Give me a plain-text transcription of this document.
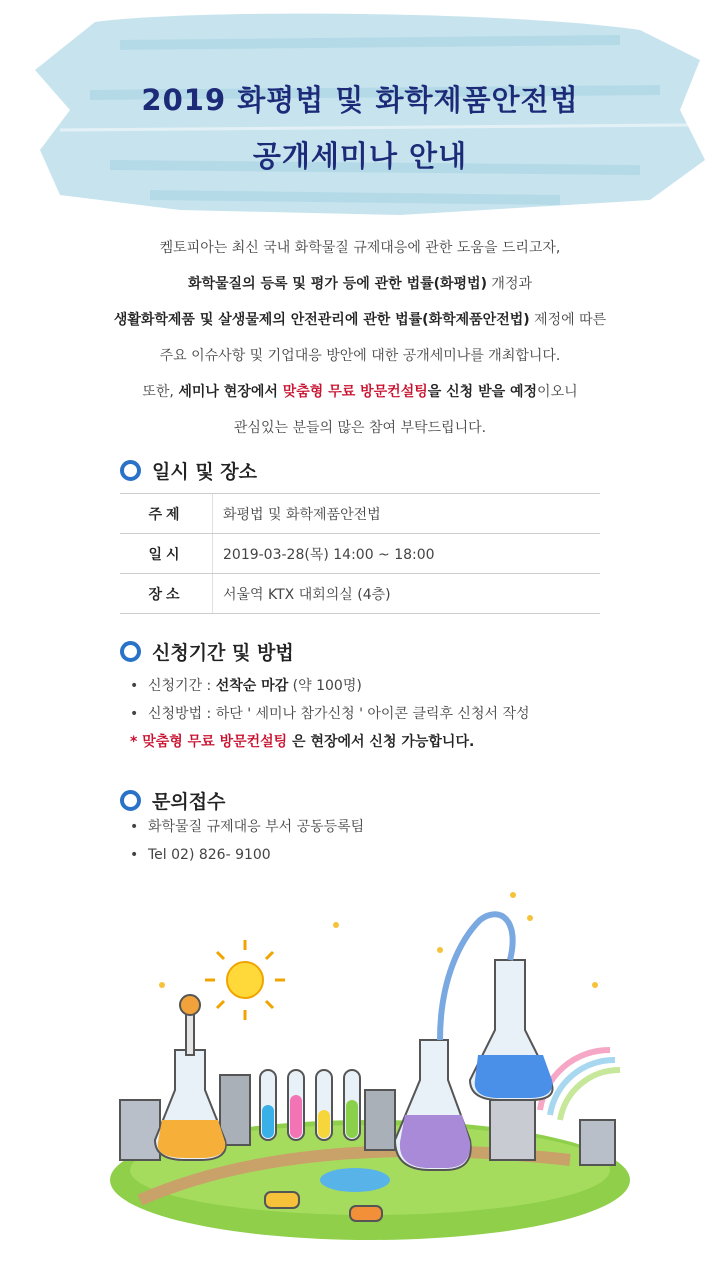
2019 화평법 및 화학제품안전법
공개세미나 안내

켐토피아는 최신 국내 화학물질 규제대응에 관한 도움을 드리고자,

화학물질의 등록 및 평가 등에 관한 법률(화평법) 개정과

생활화학제품 및 살생물제의 안전관리에 관한 법률(화학제품안전법) 제정에 따른

주요 이슈사항 및 기업대응 방안에 대한 공개세미나를 개최합니다.

또한, 세미나 현장에서 맞춤형 무료 방문컨설팅을 신청 받을 예정이오니

관심있는 분들의 많은 참여 부탁드립니다.

일시 및 장소
주제	화평법 및 화학제품안전법
일시	2019-03-28(목) 14:00 ~ 18:00
장소	서울역 KTX 대회의실 (4층)
신청기간 및 방법
• 신청기간 : 선착순 마감 (약 100명)
• 신청방법 : 하단 ' 세미나 참가신청 ' 아이콘 클릭후 신청서 작성
* 맞춤형 무료 방문컨설팅 은 현장에서 신청 가능합니다.
문의접수
• 화학물질 규제대응 부서 공동등록팀
• Tel 02) 826- 9100
